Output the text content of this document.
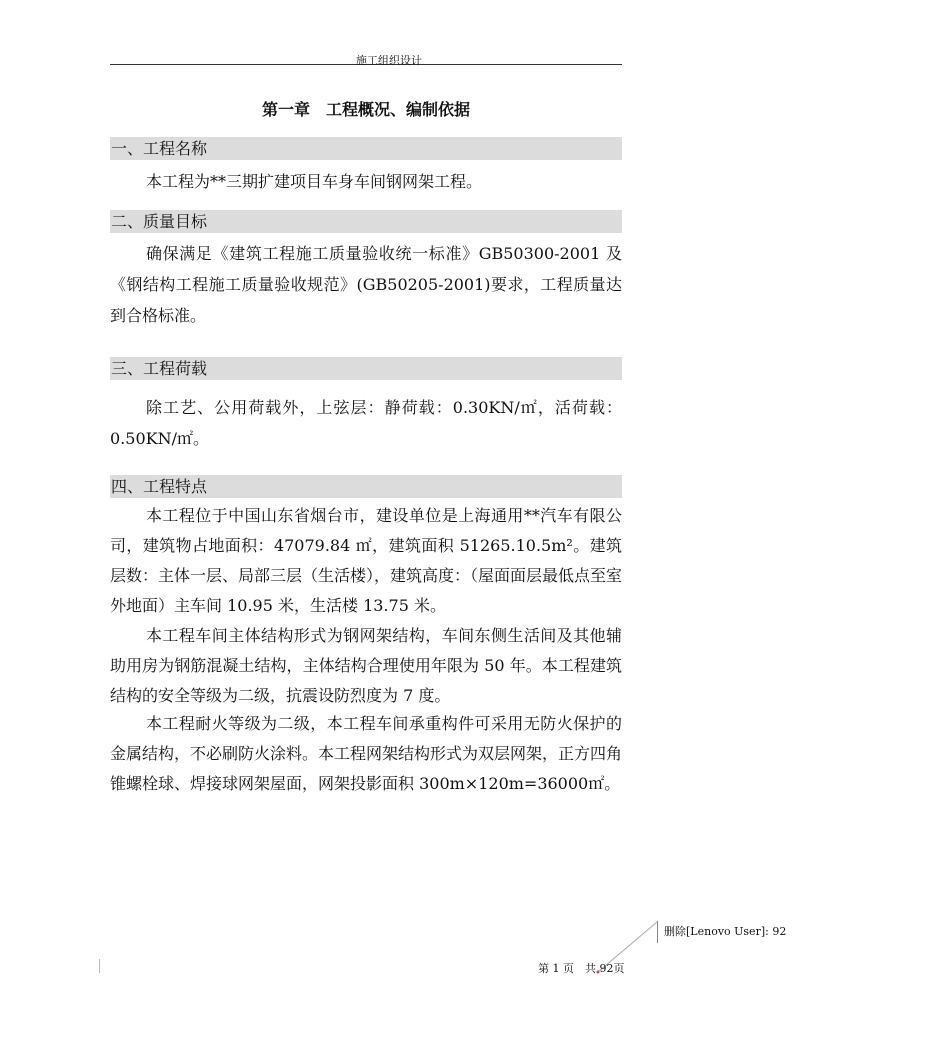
施工组织设计
第一章　工程概况、编制依据
一、工程名称
本工程为**三期扩建项目车身车间钢网架工程。
二、质量目标
确保满足《建筑工程施工质量验收统一标准》GB50300-2001 及《钢结构工程施工质量验收规范》(GB50205-2001)要求，工程质量达到合格标准。
三、工程荷载
除工艺、公用荷载外，上弦层：静荷载：0.30KN/㎡，活荷载：0.50KN/㎡。
四、工程特点
本工程位于中国山东省烟台市，建设单位是上海通用**汽车有限公司，建筑物占地面积：47079.84 ㎡，建筑面积 51265.10.5m²。建筑层数：主体一层、局部三层（生活楼），建筑高度：（屋面面层最低点至室外地面）主车间 10.95 米，生活楼 13.75 米。
本工程车间主体结构形式为钢网架结构，车间东侧生活间及其他辅助用房为钢筋混凝土结构，主体结构合理使用年限为 50 年。本工程建筑结构的安全等级为二级，抗震设防烈度为 7 度。
本工程耐火等级为二级，本工程车间承重构件可采用无防火保护的金属结构，不必刷防火涂料。本工程网架结构形式为双层网架，正方四角锥螺栓球、焊接球网架屋面，网架投影面积 300m×120m=36000㎡。
删除[Lenovo User]: 92
第 1 页　共 92页
